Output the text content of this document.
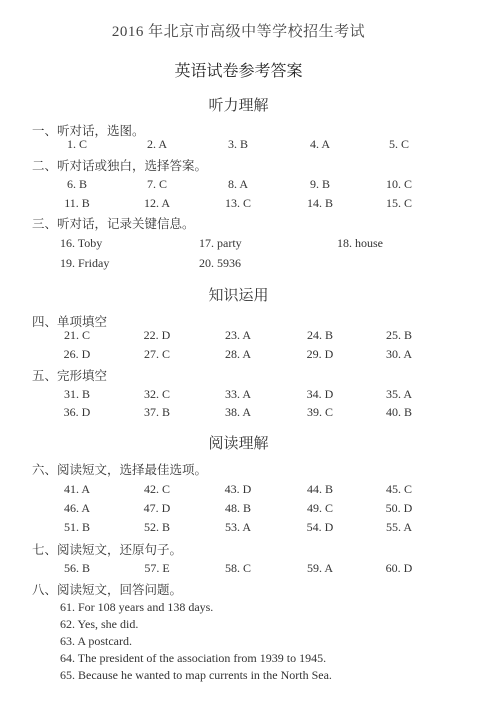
2016 年北京市高级中等学校招生考试
英语试卷参考答案
听力理解
一、听对话，选图。
1. C	2. A	3. B	4. A	5. C
二、听对话或独白，选择答案。
6. B	7. C	8. A	9. B	10. C
11. B	12. A	13. C	14. B	15. C
三、听对话，记录关键信息。
16. Toby	17. party	18. house
19. Friday	20. 5936
知识运用
四、单项填空
21. C	22. D	23. A	24. B	25. B
26. D	27. C	28. A	29. D	30. A
五、完形填空
31. B	32. C	33. A	34. D	35. A
36. D	37. B	38. A	39. C	40. B
阅读理解
六、阅读短文，选择最佳选项。
41. A	42. C	43. D	44. B	45. C
46. A	47. D	48. B	49. C	50. D
51. B	52. B	53. A	54. D	55. A
七、阅读短文，还原句子。
56. B	57. E	58. C	59. A	60. D
八、阅读短文，回答问题。
61. For 108 years and 138 days.
62. Yes, she did.
63. A postcard.
64. The president of the association from 1939 to 1945.
65. Because he wanted to map currents in the North Sea.
